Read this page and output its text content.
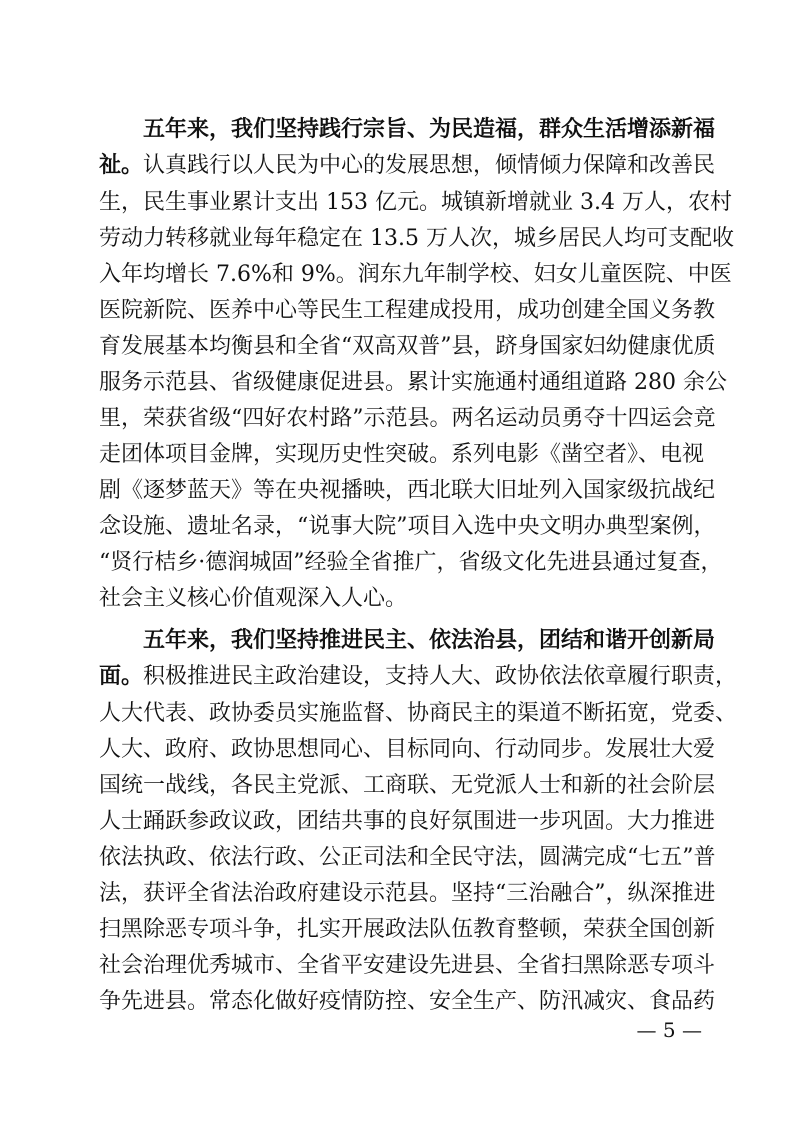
五年来，我们坚持践行宗旨、为民造福，群众生活增添新福
祉。认真践行以人民为中心的发展思想，倾情倾力保障和改善民
生，民生事业累计支出 153 亿元。城镇新增就业 3.4 万人，农村
劳动力转移就业每年稳定在 13.5 万人次，城乡居民人均可支配收
入年均增长 7.6%和 9%。润东九年制学校、妇女儿童医院、中医
医院新院、医养中心等民生工程建成投用，成功创建全国义务教
育发展基本均衡县和全省“双高双普”县，跻身国家妇幼健康优质
服务示范县、省级健康促进县。累计实施通村通组道路 280 余公
里，荣获省级“四好农村路”示范县。两名运动员勇夺十四运会竞
走团体项目金牌，实现历史性突破。系列电影《凿空者》、电视
剧《逐梦蓝天》等在央视播映，西北联大旧址列入国家级抗战纪
念设施、遗址名录，“说事大院”项目入选中央文明办典型案例，
“贤行桔乡·德润城固”经验全省推广，省级文化先进县通过复查，
社会主义核心价值观深入人心。
五年来，我们坚持推进民主、依法治县，团结和谐开创新局
面。积极推进民主政治建设，支持人大、政协依法依章履行职责，
人大代表、政协委员实施监督、协商民主的渠道不断拓宽，党委、
人大、政府、政协思想同心、目标同向、行动同步。发展壮大爱
国统一战线，各民主党派、工商联、无党派人士和新的社会阶层
人士踊跃参政议政，团结共事的良好氛围进一步巩固。大力推进
依法执政、依法行政、公正司法和全民守法，圆满完成“七五”普
法，获评全省法治政府建设示范县。坚持“三治融合”，纵深推进
扫黑除恶专项斗争，扎实开展政法队伍教育整顿，荣获全国创新
社会治理优秀城市、全省平安建设先进县、全省扫黑除恶专项斗
争先进县。常态化做好疫情防控、安全生产、防汛减灾、食品药
— 5 —
